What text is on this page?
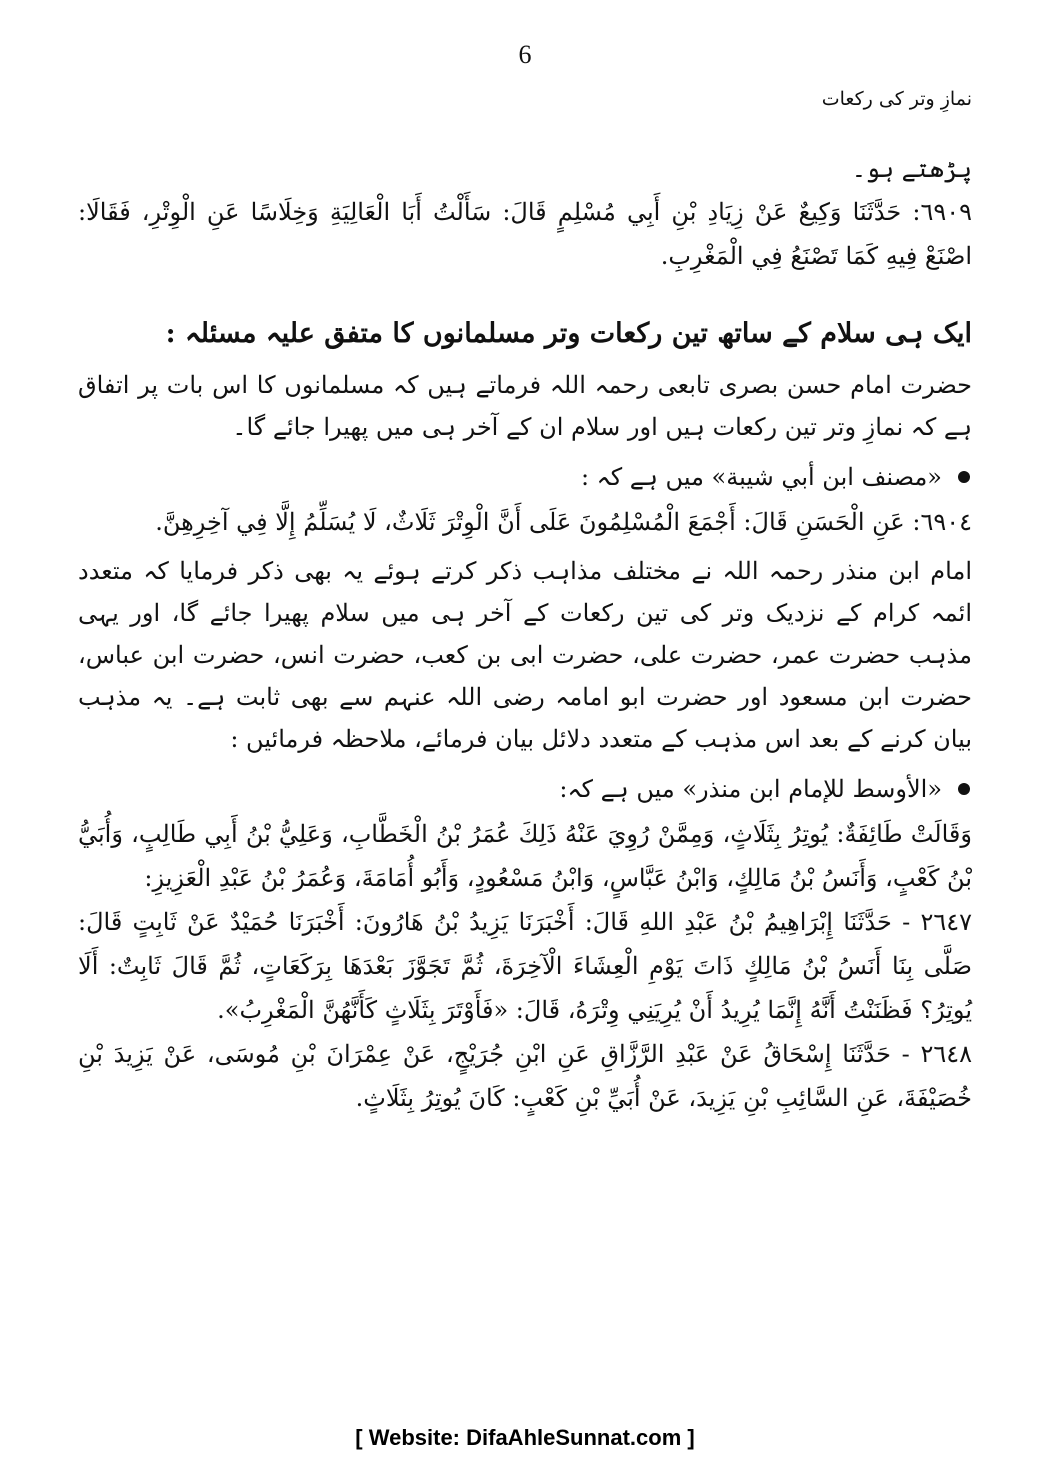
6
نمازِ وتر کی رکعات

پڑھتے ہو۔

٦٩٠٩: حَدَّثَنَا وَكِيعٌ عَنْ زِيَادِ بْنِ أَبِي مُسْلِمٍ قَالَ: سَأَلْتُ أَبَا الْعَالِيَةِ وَخِلَاسًا عَنِ الْوِتْرِ، فَقَالَا: اصْنَعْ فِيهِ كَمَا تَصْنَعُ فِي الْمَغْرِبِ.

ایک ہی سلام کے ساتھ تین رکعات وتر مسلمانوں کا متفق علیہ مسئلہ :

حضرت امام حسن بصری تابعی رحمہ اللہ فرماتے ہیں کہ مسلمانوں کا اس بات پر اتفاق ہے کہ نمازِ وتر تین رکعات ہیں اور سلام ان کے آخر ہی میں پھیرا جائے گا۔

«مصنف ابن أبي شيبة» میں ہے کہ :

٦٩٠٤: عَنِ الْحَسَنِ قَالَ: أَجْمَعَ الْمُسْلِمُونَ عَلَى أَنَّ الْوِتْرَ ثَلَاثٌ، لَا يُسَلِّمُ إِلَّا فِي آخِرِهِنَّ.

امام ابن منذر رحمہ اللہ نے مختلف مذاہب ذکر کرتے ہوئے یہ بھی ذکر فرمایا کہ متعدد ائمہ کرام کے نزدیک وتر کی تین رکعات کے آخر ہی میں سلام پھیرا جائے گا، اور یہی مذہب حضرت عمر، حضرت علی، حضرت ابی بن کعب، حضرت انس، حضرت ابن عباس، حضرت ابن مسعود اور حضرت ابو امامہ رضی اللہ عنہم سے بھی ثابت ہے۔ یہ مذہب بیان کرنے کے بعد اس مذہب کے متعدد دلائل بیان فرمائے، ملاحظہ فرمائیں :

«الأوسط للإمام ابن منذر» میں ہے کہ:

وَقَالَتْ طَائِفَةٌ: يُوتِرُ بِثَلَاثٍ، وَمِمَّنْ رُوِيَ عَنْهُ ذَلِكَ عُمَرُ بْنُ الْخَطَّابِ، وَعَلِيُّ بْنُ أَبِي طَالِبٍ، وَأُبَيُّ بْنُ كَعْبٍ، وَأَنَسُ بْنُ مَالِكٍ، وَابْنُ عَبَّاسٍ، وَابْنُ مَسْعُودٍ، وَأَبُو أُمَامَةَ، وَعُمَرُ بْنُ عَبْدِ الْعَزِيزِ:

٢٦٤٧ - حَدَّثَنَا إِبْرَاهِيمُ بْنُ عَبْدِ اللهِ قَالَ: أَخْبَرَنَا يَزِيدُ بْنُ هَارُونَ: أَخْبَرَنَا حُمَيْدٌ عَنْ ثَابِتٍ قَالَ: صَلَّى بِنَا أَنَسُ بْنُ مَالِكٍ ذَاتَ يَوْمِ الْعِشَاءَ الْآخِرَةَ، ثُمَّ تَجَوَّزَ بَعْدَهَا بِرَكَعَاتٍ، ثُمَّ قَالَ ثَابِتٌ: أَلَا يُوتِرُ؟ فَظَنَنْتُ أَنَّهُ إِنَّمَا يُرِيدُ أَنْ يُرِيَنِي وِتْرَهُ، قَالَ: «فَأَوْتَرَ بِثَلَاثٍ كَأَنَّهُنَّ الْمَغْرِبُ».

٢٦٤٨ - حَدَّثَنَا إِسْحَاقُ عَنْ عَبْدِ الرَّزَّاقِ عَنِ ابْنِ جُرَيْجٍ، عَنْ عِمْرَانَ بْنِ مُوسَى، عَنْ يَزِيدَ بْنِ خُصَيْفَةَ، عَنِ السَّائِبِ بْنِ يَزِيدَ، عَنْ أُبَيِّ بْنِ كَعْبٍ: كَانَ يُوتِرُ بِثَلَاثٍ.

[ Website: DifaAhleSunnat.com ]
